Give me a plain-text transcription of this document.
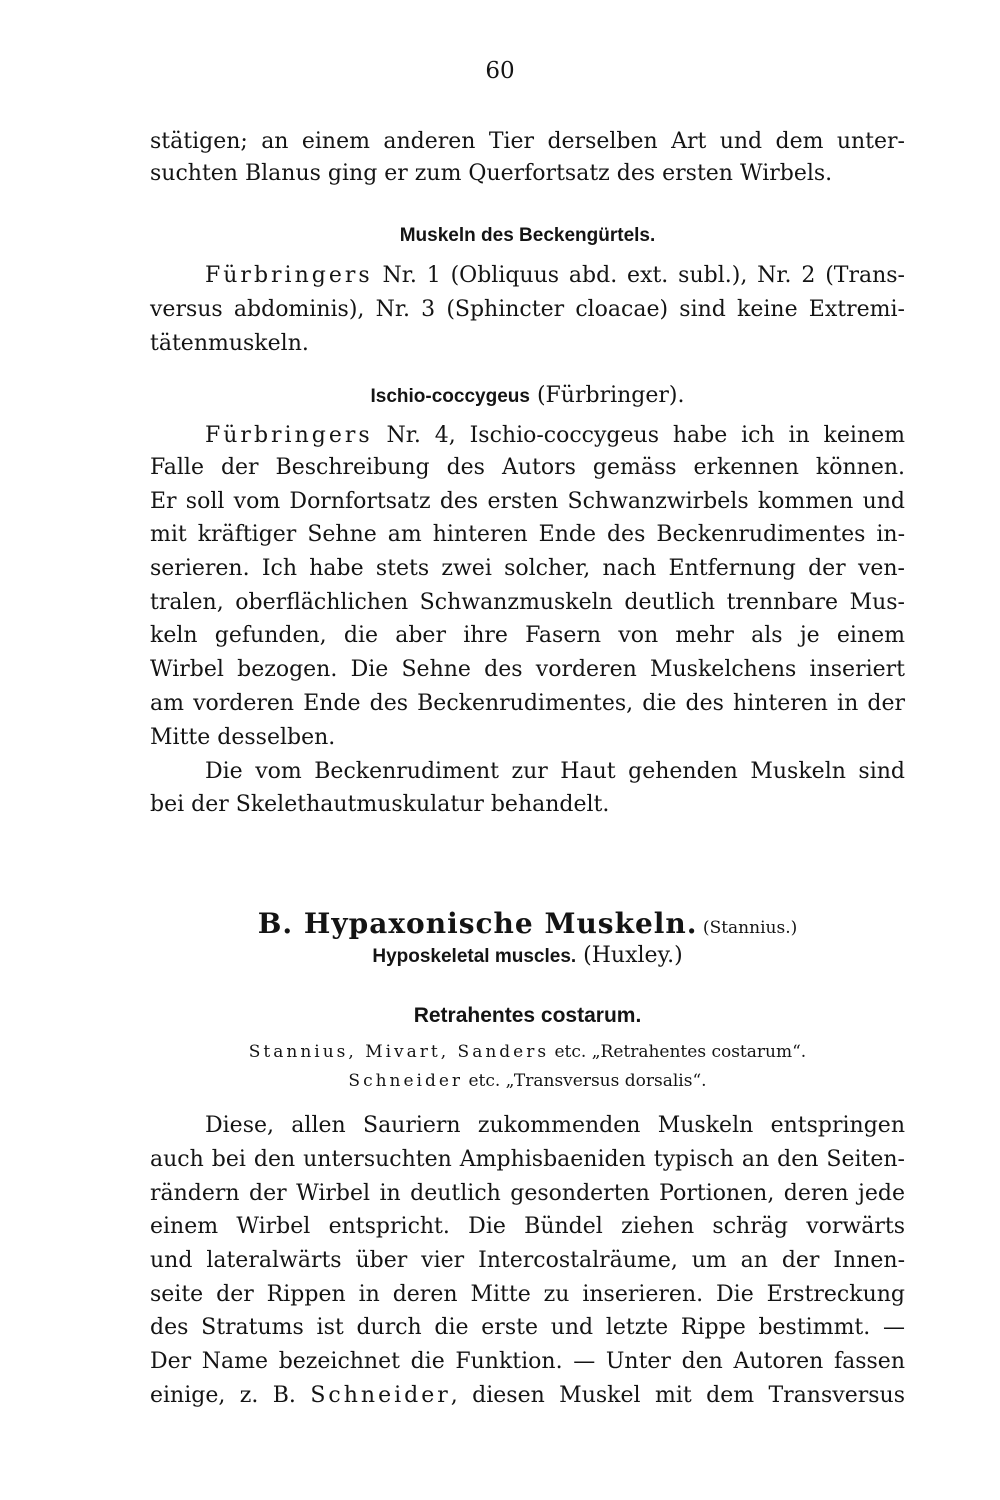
60
stätigen; an einem anderen Tier derselben Art und dem unter-
suchten Blanus ging er zum Querfortsatz des ersten Wirbels.
Muskeln des Beckengürtels.
Fürbringers Nr. 1 (Obliquus abd. ext. subl.), Nr. 2 (Trans-
versus abdominis), Nr. 3 (Sphincter cloacae) sind keine Extremi-
tätenmuskeln.
Ischio-coccygeus (Fürbringer).
Fürbringers Nr. 4, Ischio-coccygeus habe ich in keinem
Falle der Beschreibung des Autors gemäss erkennen können.
Er soll vom Dornfortsatz des ersten Schwanzwirbels kommen und
mit kräftiger Sehne am hinteren Ende des Beckenrudimentes in-
serieren. Ich habe stets zwei solcher, nach Entfernung der ven-
tralen, oberflächlichen Schwanzmuskeln deutlich trennbare Mus-
keln gefunden, die aber ihre Fasern von mehr als je einem
Wirbel bezogen. Die Sehne des vorderen Muskelchens inseriert
am vorderen Ende des Beckenrudimentes, die des hinteren in der
Mitte desselben.
Die vom Beckenrudiment zur Haut gehenden Muskeln sind
bei der Skelethautmuskulatur behandelt.
B. Hypaxonische Muskeln. (Stannius.)
Hyposkeletal muscles. (Huxley.)
Retrahentes costarum.
Stannius, Mivart, Sanders etc. „Retrahentes costarum“.
Schneider etc. „Transversus dorsalis“.
Diese, allen Sauriern zukommenden Muskeln entspringen
auch bei den untersuchten Amphisbaeniden typisch an den Seiten-
rändern der Wirbel in deutlich gesonderten Portionen, deren jede
einem Wirbel entspricht. Die Bündel ziehen schräg vorwärts
und lateralwärts über vier Intercostalräume, um an der Innen-
seite der Rippen in deren Mitte zu inserieren. Die Erstreckung
des Stratums ist durch die erste und letzte Rippe bestimmt. —
Der Name bezeichnet die Funktion. — Unter den Autoren fassen
einige, z. B. Schneider, diesen Muskel mit dem Transversus
